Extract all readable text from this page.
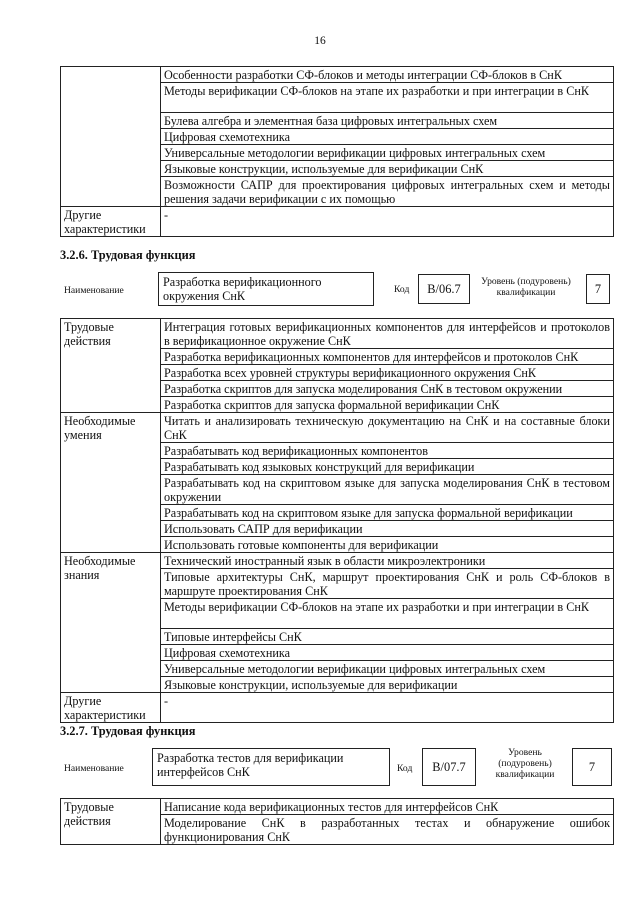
16
	Особенности разработки СФ-блоков и методы интеграции СФ-блоков в СнК
	Методы верификации СФ-блоков на этапе их разработки и при интеграции в СнК
	Булева алгебра и элементная база цифровых интегральных схем
	Цифровая схемотехника
	Универсальные методологии верификации цифровых интегральных схем
	Языковые конструкции, используемые для верификации СнК
	Возможности САПР для проектирования цифровых интегральных схем и методы решения задачи верификации с их помощью
Другие характеристики	-
3.2.6. Трудовая функция
Наименование
Разработка верификационного окружения СнК	Код	B/06.7
Уровень (подуровень) квалификации	7
Трудовые действия	Интеграция готовых верификационных компонентов для интерфейсов и протоколов в верификационное окружение СнК
	Разработка верификационных компонентов для интерфейсов и протоколов СнК
	Разработка всех уровней структуры верификационного окружения СнК
	Разработка скриптов для запуска моделирования СнК в тестовом окружении
	Разработка скриптов для запуска формальной верификации СнК
Необходимые умения	Читать и анализировать техническую документацию на СнК и на составные блоки СнК
	Разрабатывать код верификационных компонентов
	Разрабатывать код языковых конструкций для верификации
	Разрабатывать код на скриптовом языке для запуска моделирования СнК в тестовом окружении
	Разрабатывать код на скриптовом языке для запуска формальной верификации
	Использовать САПР для верификации
	Использовать готовые компоненты для верификации
Необходимые знания	Технический иностранный язык в области микроэлектроники
	Типовые архитектуры СнК, маршрут проектирования СнК и роль СФ-блоков в маршруте проектирования СнК
	Методы верификации СФ-блоков на этапе их разработки и при интеграции в СнК
	Типовые интерфейсы СнК
	Цифровая схемотехника
	Универсальные методологии верификации цифровых интегральных схем
	Языковые конструкции, используемые для верификации
Другие характеристики	-
3.2.7. Трудовая функция
Наименование
Разработка тестов для верификации интерфейсов СнК	Код	B/07.7
Уровень (подуровень) квалификации
7
Трудовые действия	Написание кода верификационных тестов для интерфейсов СнК
Моделирование СнК в разработанных тестах и обнаружение ошибок функционирования СнК
